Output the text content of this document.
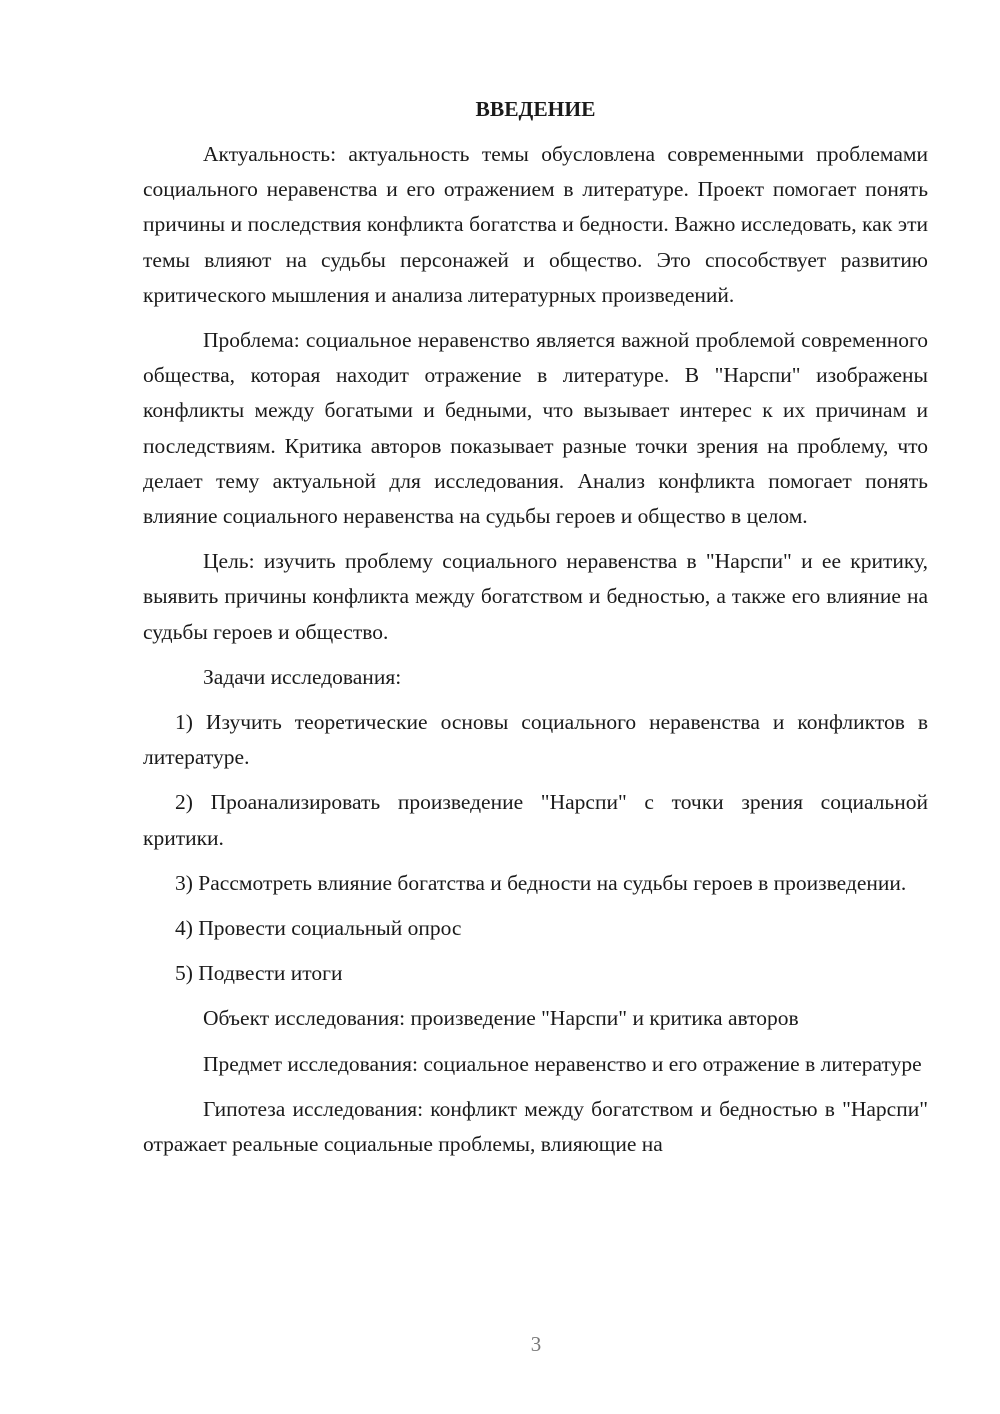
ВВЕДЕНИЕ

Актуальность: актуальность темы обусловлена современными проблемами социального неравенства и его отражением в литературе. Проект помогает понять причины и последствия конфликта богатства и бедности. Важно исследовать, как эти темы влияют на судьбы персонажей и общество. Это способствует развитию критического мышления и анализа литературных произведений.

Проблема: социальное неравенство является важной проблемой современного общества, которая находит отражение в литературе. В "Нарспи" изображены конфликты между богатыми и бедными, что вызывает интерес к их причинам и последствиям. Критика авторов показывает разные точки зрения на проблему, что делает тему актуальной для исследования. Анализ конфликта помогает понять влияние социального неравенства на судьбы героев и общество в целом.

Цель: изучить проблему социального неравенства в "Нарспи" и ее критику, выявить причины конфликта между богатством и бедностью, а также его влияние на судьбы героев и общество.

Задачи исследования:

1) Изучить теоретические основы социального неравенства и конфликтов в литературе.

2) Проанализировать произведение "Нарспи" с точки зрения социальной критики.

3) Рассмотреть влияние богатства и бедности на судьбы героев в произведении.

4) Провести социальный опрос

5) Подвести итоги

Объект исследования: произведение "Нарспи" и критика авторов

Предмет исследования: социальное неравенство и его отражение в литературе

Гипотеза исследования: конфликт между богатством и бедностью в "Нарспи" отражает реальные социальные проблемы, влияющие на

3
